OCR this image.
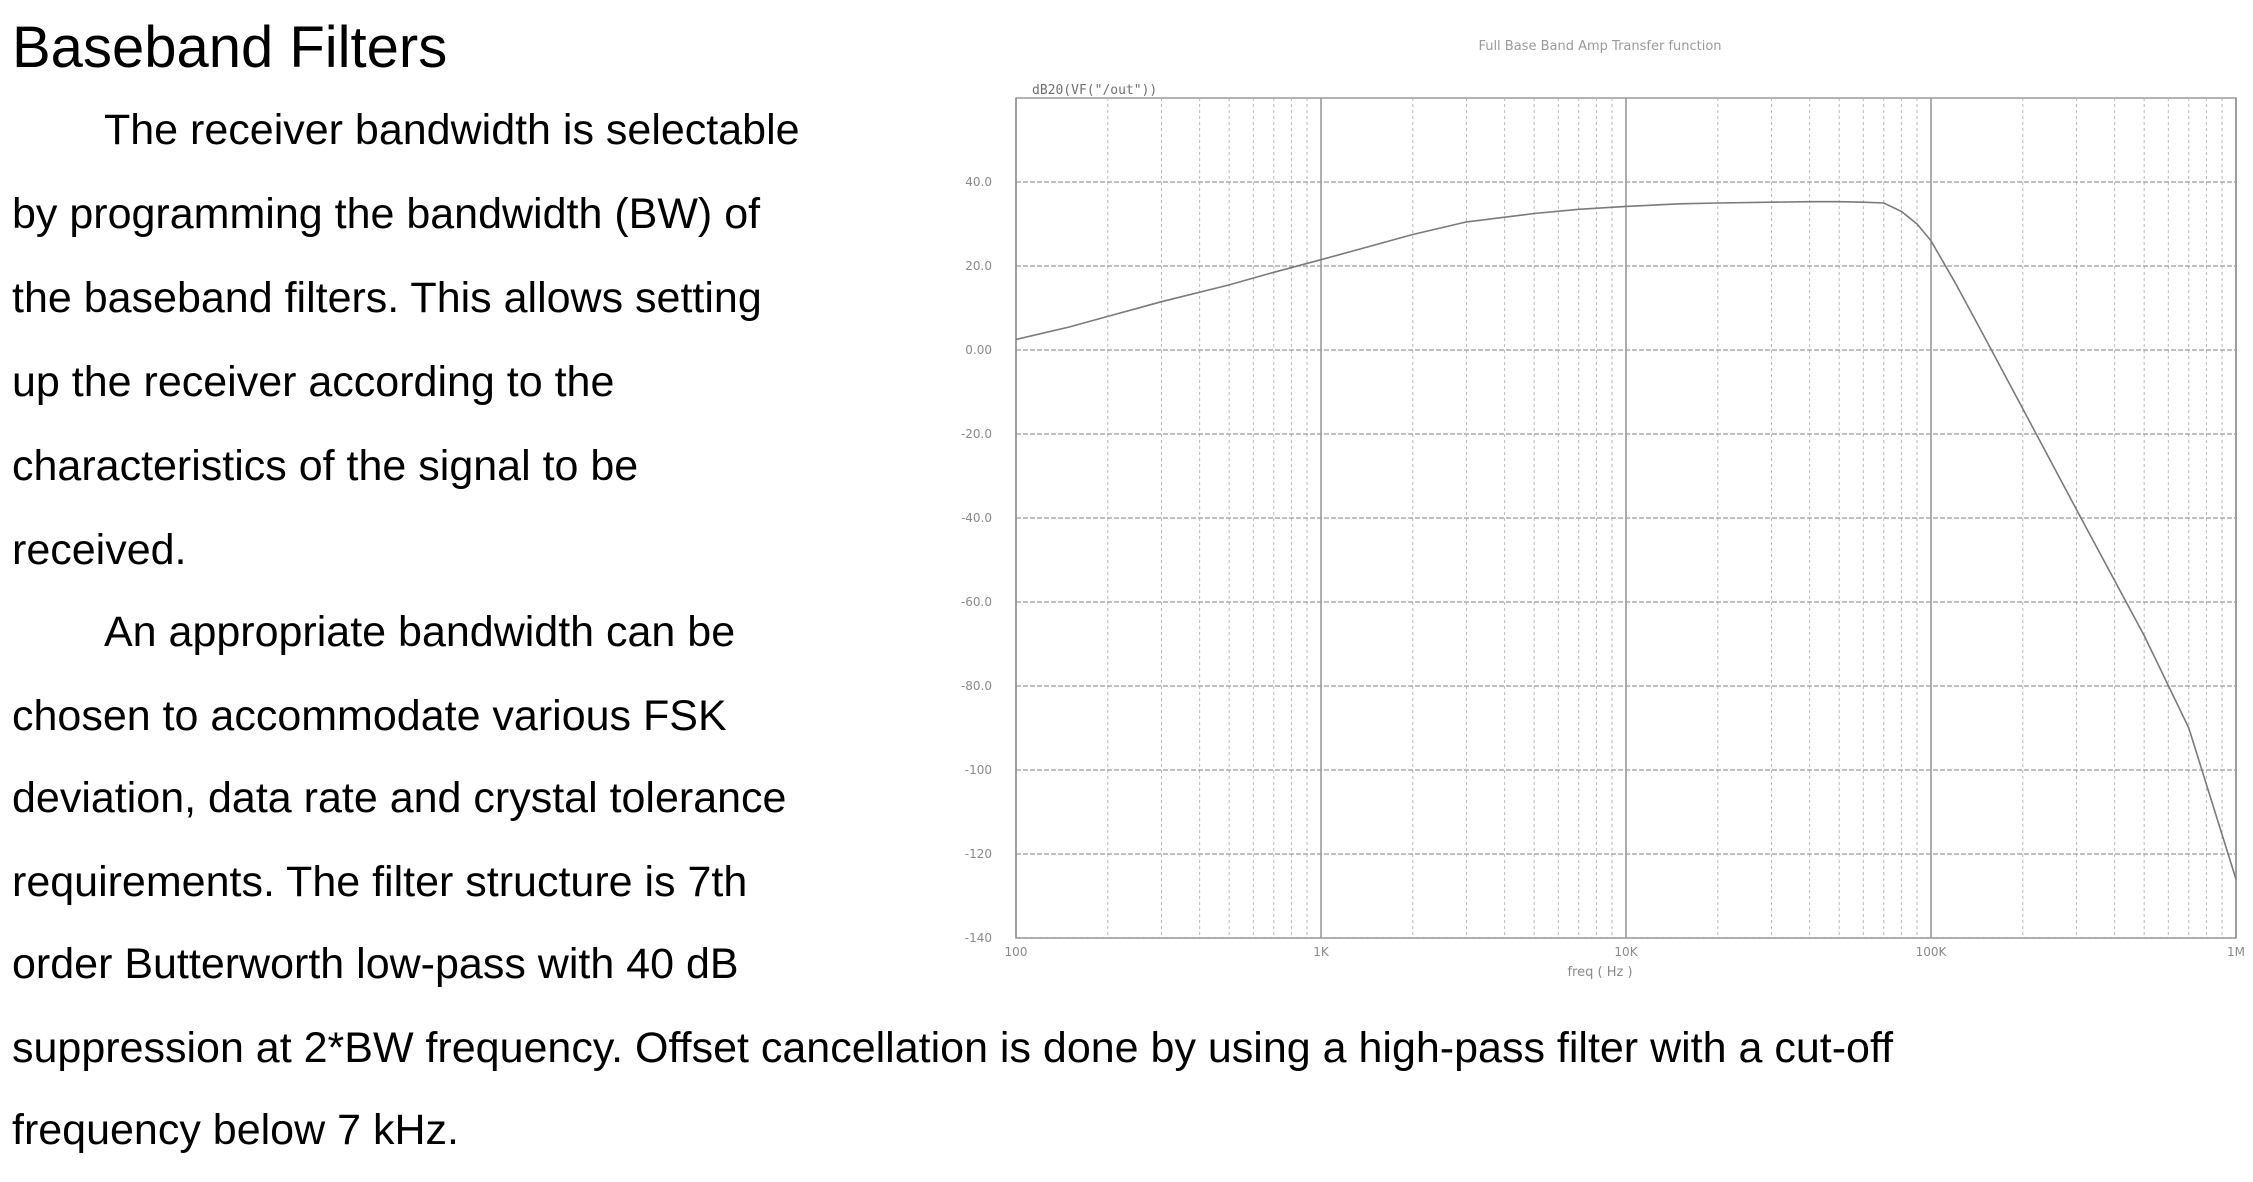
Baseband Filters

The receiver bandwidth is selectable

by programming the bandwidth (BW) of

the baseband filters. This allows setting

up the receiver according to the

characteristics of the signal to be

received.

An appropriate bandwidth can be

chosen to accommodate various FSK

deviation, data rate and crystal tolerance

requirements. The filter structure is 7th

order Butterworth low-pass with 40 dB

suppression at 2*BW frequency. Offset cancellation is done by using a high-pass filter with a cut-off

frequency below 7 kHz.

Full Base Band Amp Transfer function
40.0
20.0
0.00
-20.0
-40.0
-60.0
-80.0
-100
-120
-140
100	1K	10K	100K	1M
dB20(VF("/out"))
freq ( Hz )
